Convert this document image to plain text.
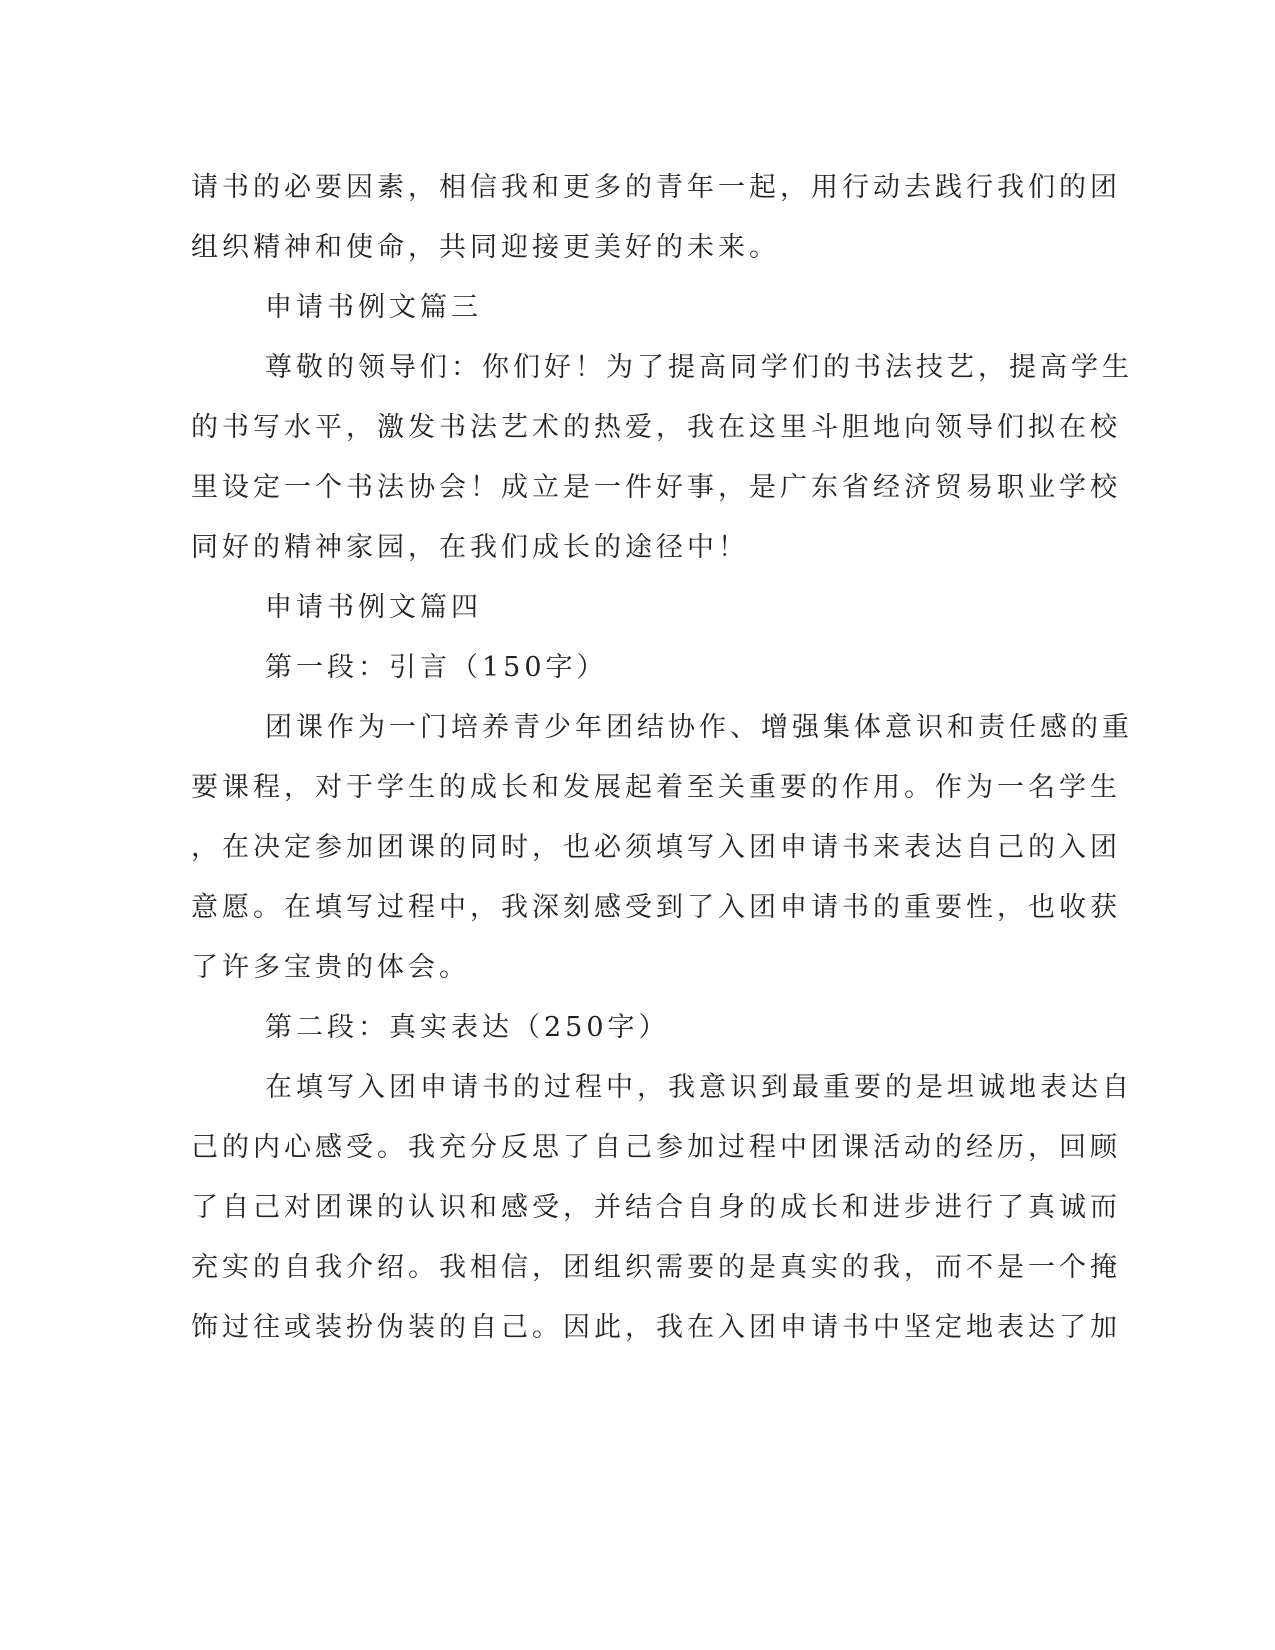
请书的必要因素，相信我和更多的青年一起，用行动去践行我们的团
组织精神和使命，共同迎接更美好的未来。

申请书例文篇三

尊敬的领导们：你们好！为了提高同学们的书法技艺，提高学生
的书写水平，激发书法艺术的热爱，我在这里斗胆地向领导们拟在校
里设定一个书法协会！成立是一件好事，是广东省经济贸易职业学校
同好的精神家园，在我们成长的途径中！

申请书例文篇四

第一段：引言（150字）

团课作为一门培养青少年团结协作、增强集体意识和责任感的重
要课程，对于学生的成长和发展起着至关重要的作用。作为一名学生
，在决定参加团课的同时，也必须填写入团申请书来表达自己的入团
意愿。在填写过程中，我深刻感受到了入团申请书的重要性，也收获
了许多宝贵的体会。

第二段：真实表达（250字）

在填写入团申请书的过程中，我意识到最重要的是坦诚地表达自
己的内心感受。我充分反思了自己参加过程中团课活动的经历，回顾
了自己对团课的认识和感受，并结合自身的成长和进步进行了真诚而
充实的自我介绍。我相信，团组织需要的是真实的我，而不是一个掩
饰过往或装扮伪装的自己。因此，我在入团申请书中坚定地表达了加
